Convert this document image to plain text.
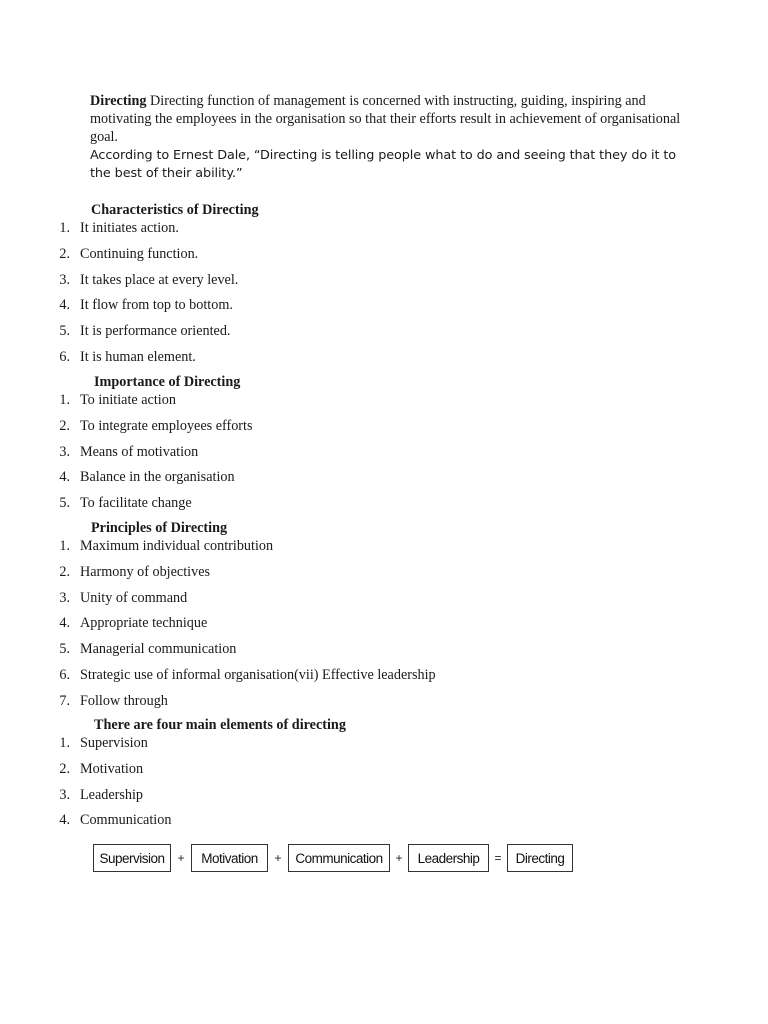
Directing Directing function of management is concerned with instructing, guiding, inspiring and motivating the employees in the organisation so that their efforts result in achievement of organisational goal.

According to Ernest Dale, “Directing is telling people what to do and seeing that they do it to the best of their ability.”

Characteristics of Directing
1. It initiates action.
2. Continuing function.
3. It takes place at every level.
4. It flow from top to bottom.
5. It is performance oriented.
6. It is human element.
Importance of Directing
1. To initiate action
2. To integrate employees efforts
3. Means of motivation
4. Balance in the organisation
5. To facilitate change
Principles of Directing
1. Maximum individual contribution
2. Harmony of objectives
3. Unity of command
4. Appropriate technique
5. Managerial communication
6. Strategic use of informal organisation(vii) Effective leadership
7. Follow through
There are four main elements of directing
1. Supervision
2. Motivation
3. Leadership
4. Communication
Supervision	+	Motivation	+	Communication	+	Leadership	=	Directing
